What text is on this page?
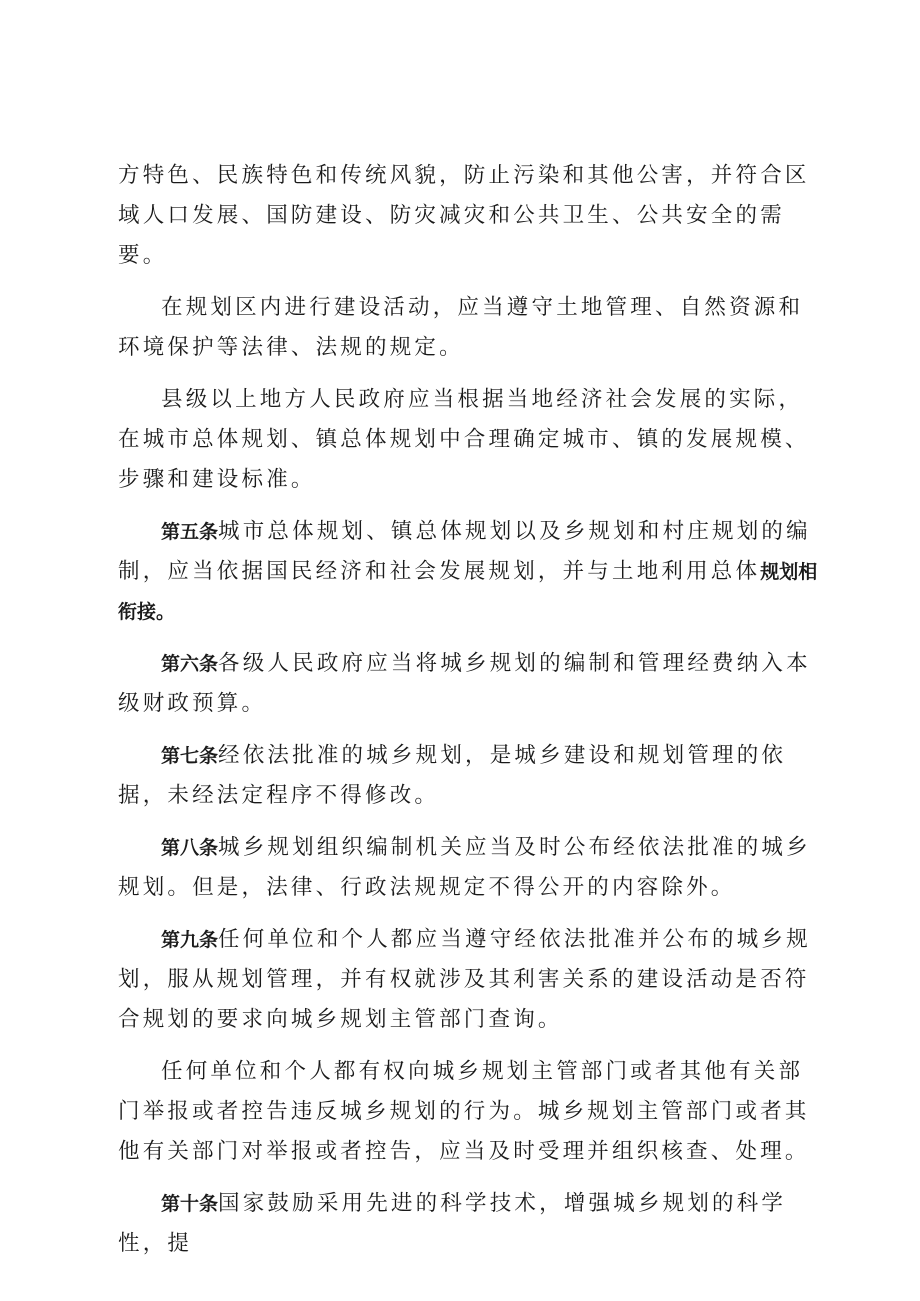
方特色、民族特色和传统风貌，防止污染和其他公害，并符合区域人口发展、国防建设、防灾减灾和公共卫生、公共安全的需要。

在规划区内进行建设活动，应当遵守土地管理、自然资源和环境保护等法律、法规的规定。

县级以上地方人民政府应当根据当地经济社会发展的实际，在城市总体规划、镇总体规划中合理确定城市、镇的发展规模、步骤和建设标准。

第五条城市总体规划、镇总体规划以及乡规划和村庄规划的编制，应当依据国民经济和社会发展规划，并与土地利用总体规划相衔接。

第六条各级人民政府应当将城乡规划的编制和管理经费纳入本级财政预算。

第七条经依法批准的城乡规划，是城乡建设和规划管理的依据，未经法定程序不得修改。

第八条城乡规划组织编制机关应当及时公布经依法批准的城乡规划。但是，法律、行政法规规定不得公开的内容除外。

第九条任何单位和个人都应当遵守经依法批准并公布的城乡规划，服从规划管理，并有权就涉及其利害关系的建设活动是否符合规划的要求向城乡规划主管部门查询。

任何单位和个人都有权向城乡规划主管部门或者其他有关部门举报或者控告违反城乡规划的行为。城乡规划主管部门或者其他有关部门对举报或者控告，应当及时受理并组织核查、处理。

第十条国家鼓励采用先进的科学技术，增强城乡规划的科学性，提
